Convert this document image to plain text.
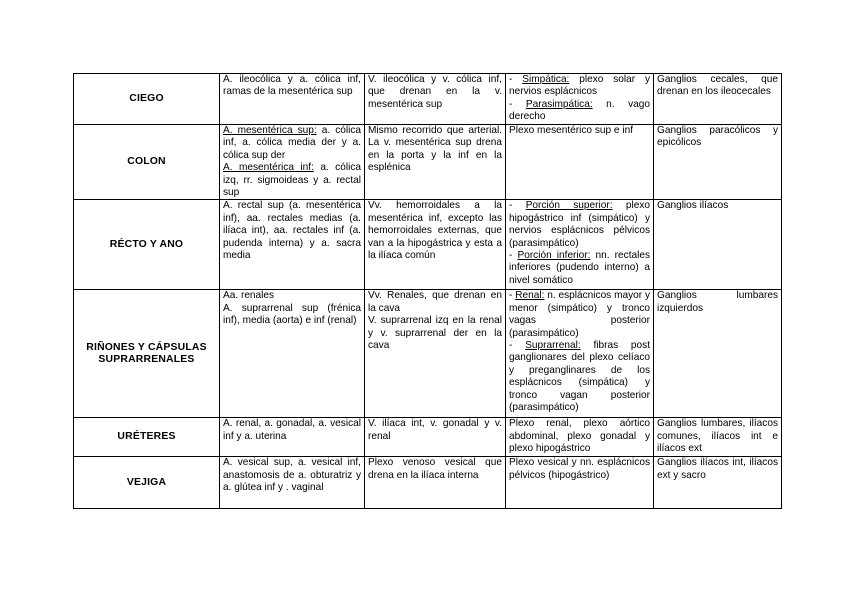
CIEGO	A. ileocólica y a. cólica inf, ramas de la mesentérica sup	V. ileocólica y v. cólica inf, que drenan en la v. mesentérica sup	- Simpática: plexo solar y nervios esplácnicos
- Parasimpática: n. vago derecho	Ganglios cecales, que drenan en los ileocecales

COLON	A. mesentérica sup: a. cólica inf, a. cólica media der y a. cólica sup der
A. mesentérica inf: a. cólica izq, rr. sigmoideas y a. rectal sup	Mismo recorrido que arterial. La v. mesentérica sup drena en la porta y la inf en la esplénica	Plexo mesentérico sup e inf	Ganglios paracólicos y epicólicos

RÉCTO Y ANO	A. rectal sup (a. mesentérica inf), aa. rectales medias (a. ilíaca int), aa. rectales inf (a. pudenda interna) y a. sacra media	Vv. hemorroidales a la mesentérica inf, excepto las hemorroidales externas, que van a la hipogástrica y esta a la ilíaca común	- Porción superior: plexo hipogástrico inf (simpático) y nervios esplácnicos pélvicos (parasimpático)
- Porción inferior: nn. rectales inferiores (pudendo interno) a nivel somático	Ganglios ilíacos

RIÑONES Y CÁPSULAS SUPRARRENALES	Aa. renales
A. suprarrenal sup (frénica inf), media (aorta) e inf (renal)	Vv. Renales, que drenan en la cava
V. suprarrenal izq en la renal y v. suprarrenal der en la cava	- Renal: n. esplácnicos mayor y menor (simpático) y tronco vagas posterior (parasimpático)
- Suprarrenal: fibras post ganglionares del plexo celíaco y preganglinares de los esplácnicos (simpática) y tronco vagan posterior (parasimpático)	Ganglios lumbares izquierdos

URÉTERES	A. renal, a. gonadal, a. vesical inf y a. uterina	V. ilíaca int, v. gonadal y v. renal	Plexo renal, plexo aórtico abdominal, plexo gonadal y plexo hipogástrico	Ganglios lumbares, ilíacos comunes, ilíacos int e ilíacos ext

VEJIGA	A. vesical sup, a. vesical inf, anastomosis de a. obturatriz y a. glútea inf y . vaginal	Plexo venoso vesical que drena en la ilíaca interna	Plexo vesical y nn. esplácnicos pélvicos (hipogástrico)	Ganglios ilíacos int, ilíacos ext y sacro
